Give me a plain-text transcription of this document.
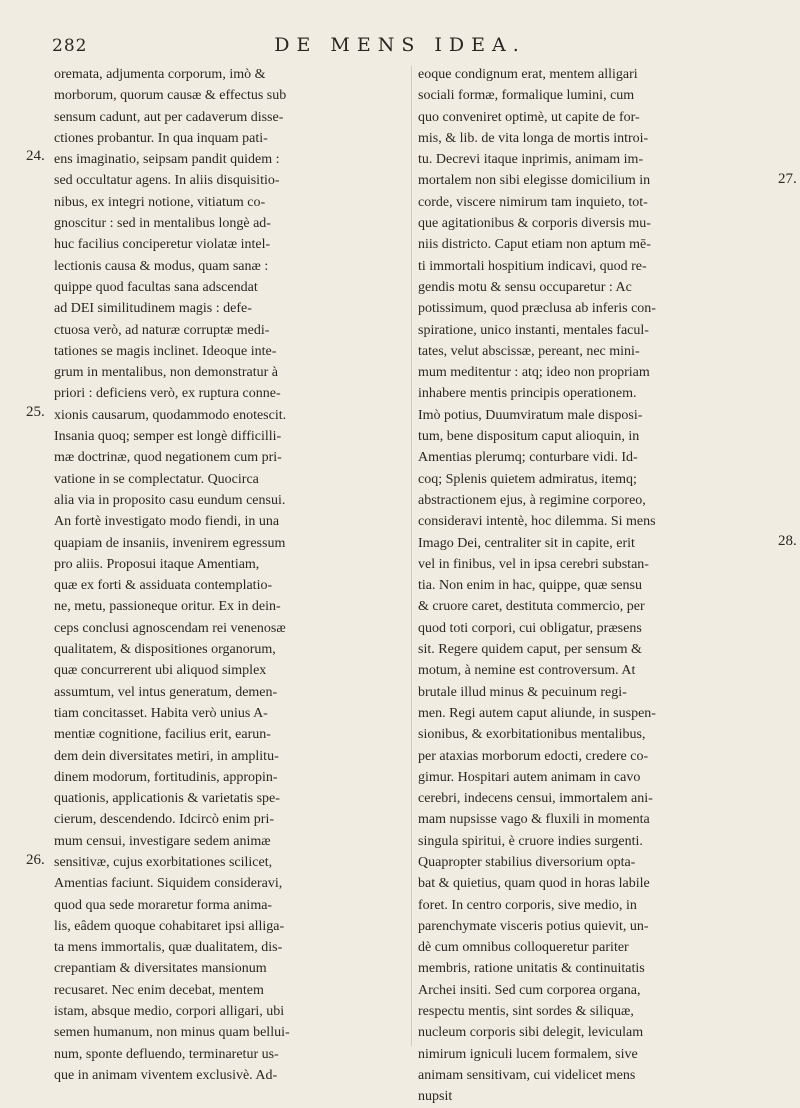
282	DE MENS IDEA.
oremata, adjumenta corporum, imò &
morborum, quorum causæ & effectus sub
sensum cadunt, aut per cadaverum disse-
ctiones probantur. In qua inquam pati-
ens imaginatio, seipsam pandit quidem :
sed occultatur agens. In aliis disquisitio-
nibus, ex integri notione, vitiatum co-
gnoscitur : sed in mentalibus longè ad-
huc facilius conciperetur violatæ intel-
lectionis causa & modus, quam sanæ :
quippe quod facultas sana adscendat
ad DEI similitudinem magis : defe-
ctuosa verò, ad naturæ corruptæ medi-
tationes se magis inclinet. Ideoque inte-
grum in mentalibus, non demonstratur à
priori : deficiens verò, ex ruptura conne-
xionis causarum, quodammodo enotescit.
Insania quoq; semper est longè difficilli-
mæ doctrinæ, quod negationem cum pri-
vatione in se complectatur. Quocirca
alia via in proposito casu eundum censui.
An fortè investigato modo fiendi, in una
quapiam de insaniis, invenirem egressum
pro aliis. Proposui itaque Amentiam,
quæ ex forti & assiduata contemplatio-
ne, metu, passioneque oritur. Ex in dein-
ceps conclusi agnoscendam rei venenosæ
qualitatem, & dispositiones organorum,
quæ concurrerent ubi aliquod simplex
assumtum, vel intus generatum, demen-
tiam concitasset. Habita verò unius A-
mentiæ cognitione, facilius erit, earun-
dem dein diversitates metiri, in amplitu-
dinem modorum, fortitudinis, appropin-
quationis, applicationis & varietatis spe-
cierum, descendendo. Idcircò enim pri-
mum censui, investigare sedem animæ
sensitivæ, cujus exorbitationes scilicet,
Amentias faciunt. Siquidem consideravi,
quod qua sede moraretur forma anima-
lis, eâdem quoque cohabitaret ipsi alliga-
ta mens immortalis, quæ dualitatem, dis-
crepantiam & diversitates mansionum
recusaret. Nec enim decebat, mentem
istam, absque medio, corpori alligari, ubi
semen humanum, non minus quam bellui-
num, sponte defluendo, terminaretur us-
que in animam viventem exclusivè. Ad-
eoque condignum erat, mentem alligari
sociali formæ, formalique lumini, cum
quo conveniret optimè, ut capite de for-
mis, & lib. de vita longa de mortis introi-
tu. Decrevi itaque inprimis, animam im-
mortalem non sibi elegisse domicilium in
corde, viscere nimirum tam inquieto, tot-
que agitationibus & corporis diversis mu-
niis districto. Caput etiam non aptum mē-
ti immortali hospitium indicavi, quod re-
gendis motu & sensu occuparetur : Ac
potissimum, quod præclusa ab inferis con-
spiratione, unico instanti, mentales facul-
tates, velut abscissæ, pereant, nec mini-
mum meditentur : atq; ideo non propriam
inhabere mentis principis operationem.
Imò potius, Duumviratum male disposi-
tum, bene dispositum caput alioquin, in
Amentias plerumq; conturbare vidi. Id-
coq; Splenis quietem admiratus, itemq;
abstractionem ejus, à regimine corporeo,
consideravi intentè, hoc dilemma. Si mens
Imago Dei, centraliter sit in capite, erit
vel in finibus, vel in ipsa cerebri substan-
tia. Non enim in hac, quippe, quæ sensu
& cruore caret, destituta commercio, per
quod toti corpori, cui obligatur, præsens
sit. Regere quidem caput, per sensum &
motum, à nemine est controversum. At
brutale illud minus & pecuinum regi-
men. Regi autem caput aliunde, in suspen-
sionibus, & exorbitationibus mentalibus,
per ataxias morborum edocti, credere co-
gimur. Hospitari autem animam in cavo
cerebri, indecens censui, immortalem ani-
mam nupsisse vago & fluxili in momenta
singula spiritui, è cruore indies surgenti.
Quapropter stabilius diversorium opta-
bat & quietius, quam quod in horas labile
foret. In centro corporis, sive medio, in
parenchymate visceris potius quievit, un-
dè cum omnibus colloqueretur pariter
membris, ratione unitatis & continuitatis
Archei insiti. Sed cum corporea organa,
respectu mentis, sint sordes & siliquæ,
nucleum corporis sibi delegit, leviculam
nimirum igniculi lucem formalem, sive
animam sensitivam, cui videlicet mens
nupsit
24.
25.
26.
27.
28.
